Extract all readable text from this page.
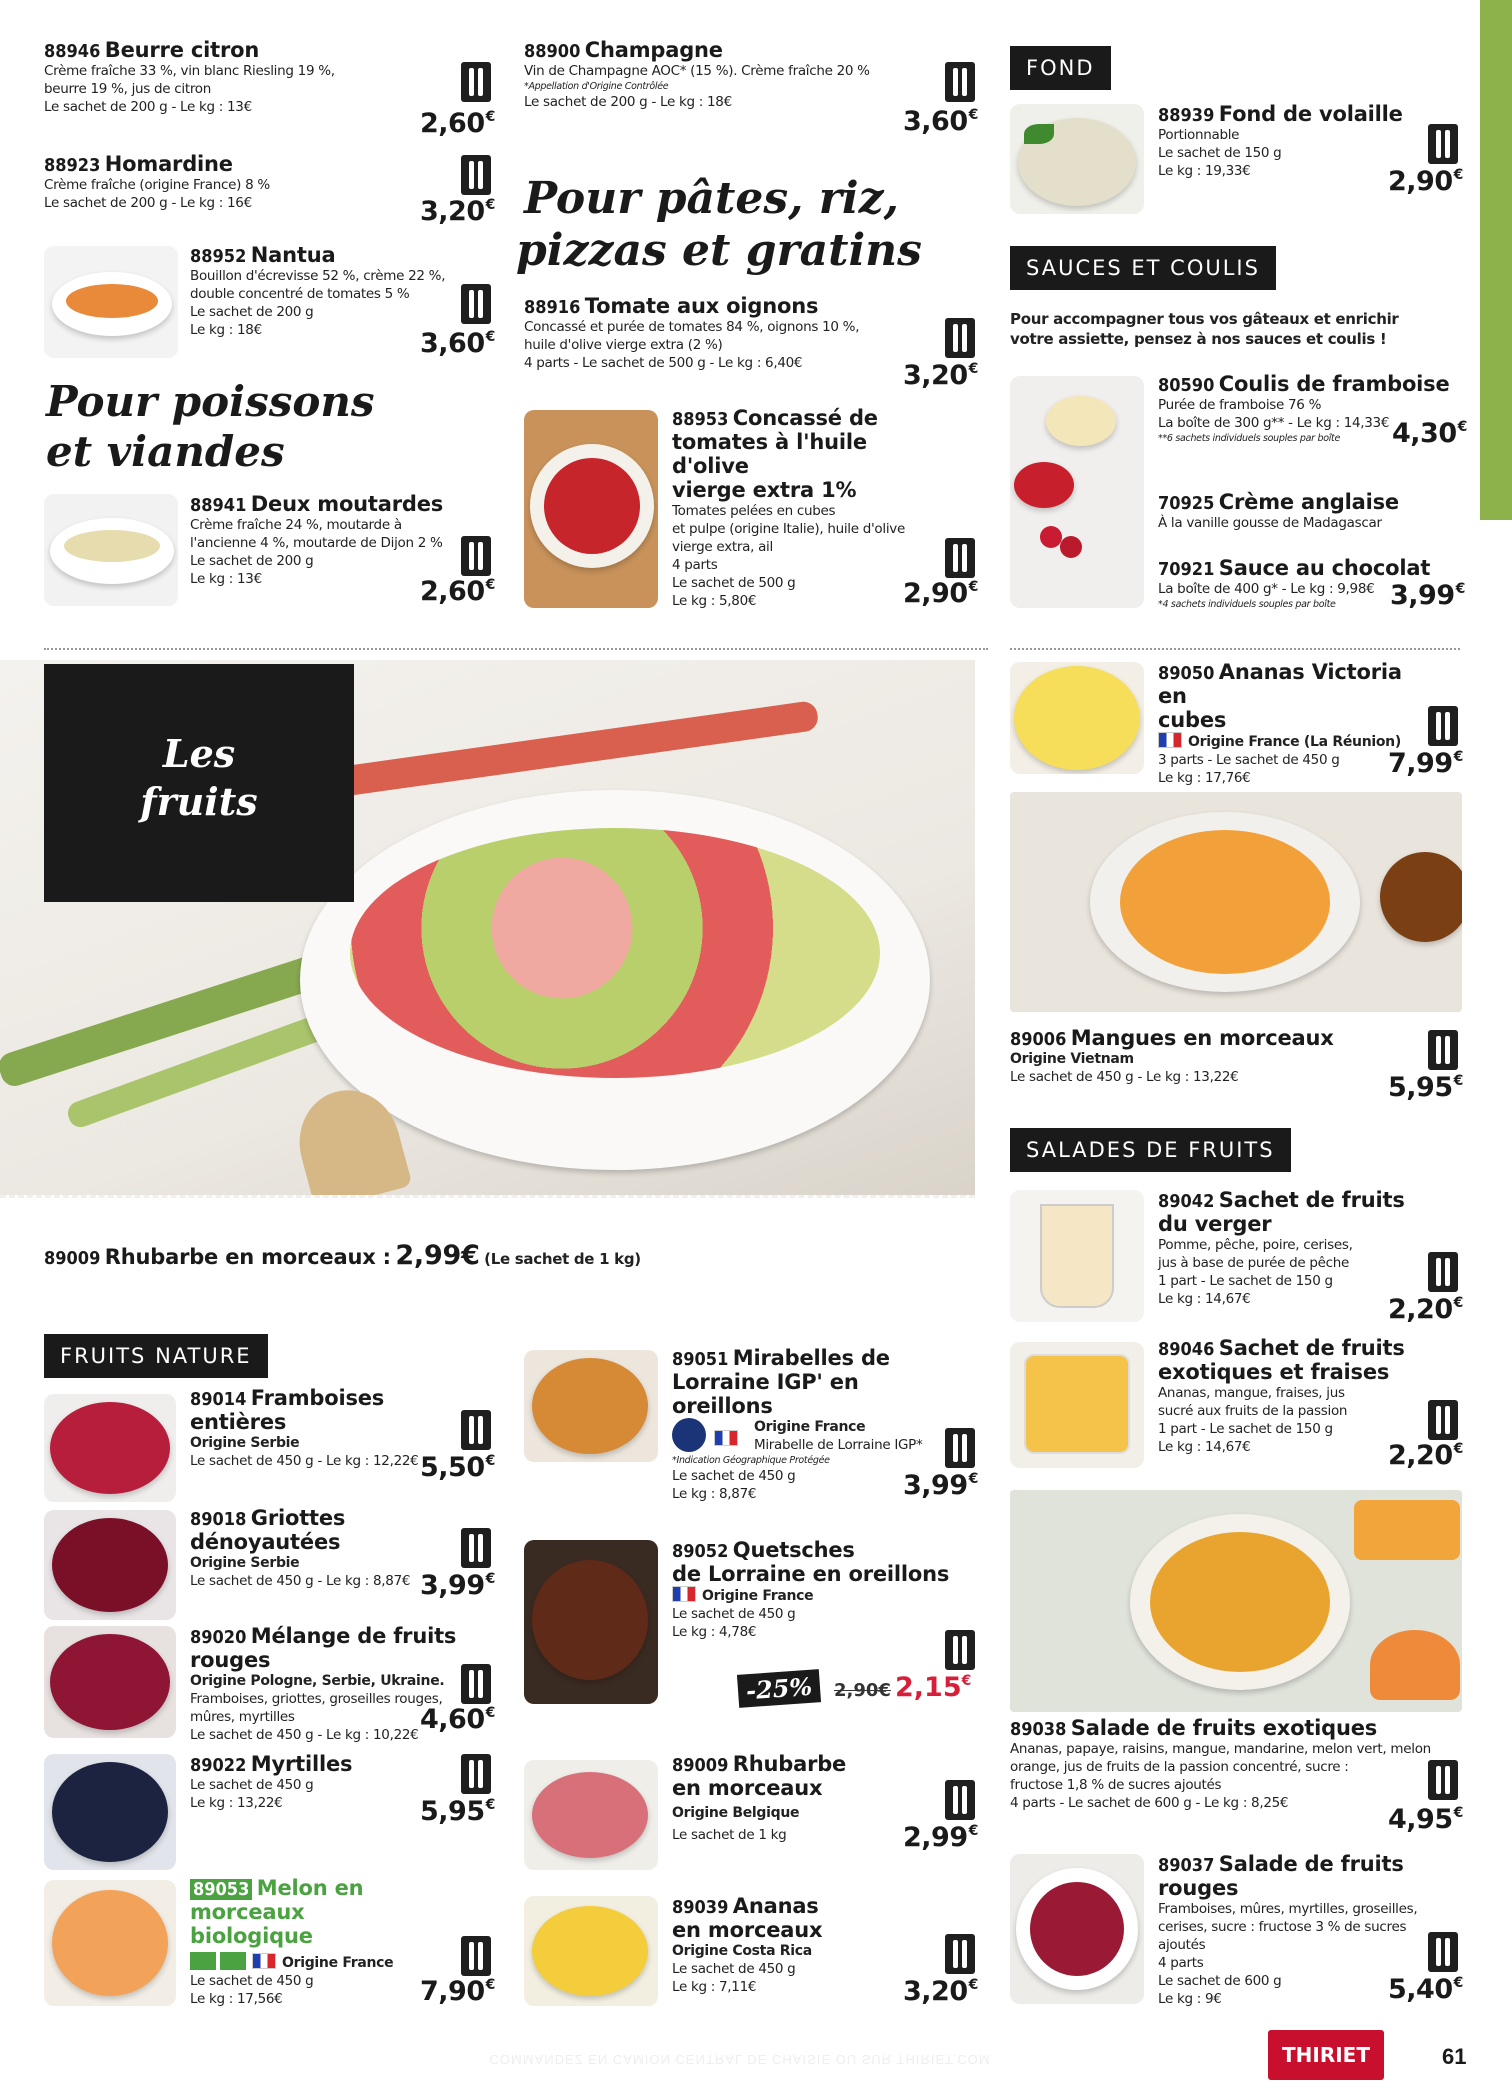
88946 Beurre citron
Crème fraîche 33 %, vin blanc Riesling 19 %,
beurre 19 %, jus de citron
Le sachet de 200 g - Le kg : 13€
2,60€
88923 Homardine
Crème fraîche (origine France) 8 %
Le sachet de 200 g - Le kg : 16€	3,20€
88952 Nantua
Bouillon d'écrevisse 52 %, crème 22 %,
double concentré de tomates 5 %
Le sachet de 200 g
Le kg : 18€	3,60€
Pour poissons
et viandes
88941 Deux moutardes
Crème fraîche 24 %, moutarde à
l'ancienne 4 %, moutarde de Dijon 2 %
Le sachet de 200 g
Le kg : 13€	2,60€
88900 Champagne
Vin de Champagne AOC* (15 %). Crème fraîche 20 %
*Appellation d'Origine Contrôlée
Le sachet de 200 g - Le kg : 18€
3,60€
Pour pâtes, riz,
pizzas et gratins
88916 Tomate aux oignons
Concassé et purée de tomates 84 %, oignons 10 %,
huile d'olive vierge extra (2 %)
4 parts - Le sachet de 500 g - Le kg : 6,40€	3,20€
88953 Concassé de
tomates à l'huile d'olive
vierge extra 1%
Tomates pelées en cubes
et pulpe (origine Italie), huile d'olive
vierge extra, ail
4 parts
Le sachet de 500 g
Le kg : 5,80€	2,90€
FOND
88939 Fond de volaille
Portionnable
Le sachet de 150 g
Le kg : 19,33€	2,90€
SAUCES ET COULIS
Pour accompagner tous vos gâteaux et enrichir
votre assiette, pensez à nos sauces et coulis !
80590 Coulis de framboise
Purée de framboise 76 %
La boîte de 300 g** - Le kg : 14,33€
**6 sachets individuels souples par boîte	4,30€
70925 Crème anglaise
À la vanille gousse de Madagascar
70921 Sauce au chocolat
La boîte de 400 g* - Le kg : 9,98€
*4 sachets individuels souples par boîte	3,99€
89050 Ananas Victoria en
cubes
Origine France (La Réunion)
3 parts - Le sachet de 450 g
Le kg : 17,76€	7,99€
89006 Mangues en morceaux
Origine Vietnam
Le sachet de 450 g - Le kg : 13,22€	5,95€
SALADES DE FRUITS
89042 Sachet de fruits
du verger
Pomme, pêche, poire, cerises,
jus à base de purée de pêche
1 part - Le sachet de 150 g
Le kg : 14,67€	2,20€
89046 Sachet de fruits
exotiques et fraises
Ananas, mangue, fraises, jus
sucré aux fruits de la passion
1 part - Le sachet de 150 g
Le kg : 14,67€	2,20€
89038 Salade de fruits exotiques
Ananas, papaye, raisins, mangue, mandarine, melon vert, melon
orange, jus de fruits de la passion concentré, sucre :
fructose 1,8 % de sucres ajoutés
4 parts - Le sachet de 600 g - Le kg : 8,25€
4,95€
89037 Salade de fruits rouges
Framboises, mûres, myrtilles, groseilles,
cerises, sucre : fructose 3 % de sucres
ajoutés
4 parts
Le sachet de 600 g
Le kg : 9€	5,40€
Les
fruits
89009 Rhubarbe en morceaux : 2,99€ (Le sachet de 1 kg)
FRUITS NATURE
89014 Framboises
entières
Origine Serbie
Le sachet de 450 g - Le kg : 12,22€ 5,50€
89018 Griottes
dénoyautées
Origine Serbie
Le sachet de 450 g - Le kg : 8,87€ 3,99€
89020 Mélange de fruits rouges
Origine Pologne, Serbie, Ukraine.
Framboises, griottes, groseilles rouges,
mûres, myrtilles
Le sachet de 450 g - Le kg : 10,22€ 4,60€
89022 Myrtilles
Le sachet de 450 g
Le kg : 13,22€	5,95€
89053 Melon en morceaux
biologique
Origine France
Le sachet de 450 g
Le kg : 17,56€	7,90€
89051 Mirabelles de
Lorraine IGP' en oreillons
Origine France
Mirabelle de Lorraine IGP*
*Indication Géographique Protégée
Le sachet de 450 g
Le kg : 8,87€	3,99€
89052 Quetsches
de Lorraine en oreillons
Origine France
Le sachet de 450 g
Le kg : 4,78€
-25%	2,90€ 2,15€
89009 Rhubarbe
en morceaux
Origine Belgique
Le sachet de 1 kg	2,99€
89039 Ananas
en morceaux
Origine Costa Rica
Le sachet de 450 g
Le kg : 7,11€	3,20€
COMMANDEZ EN CAMION CENTRAL DE CHAISIE OU SUR THIRIET.COM	THIRIET	61
